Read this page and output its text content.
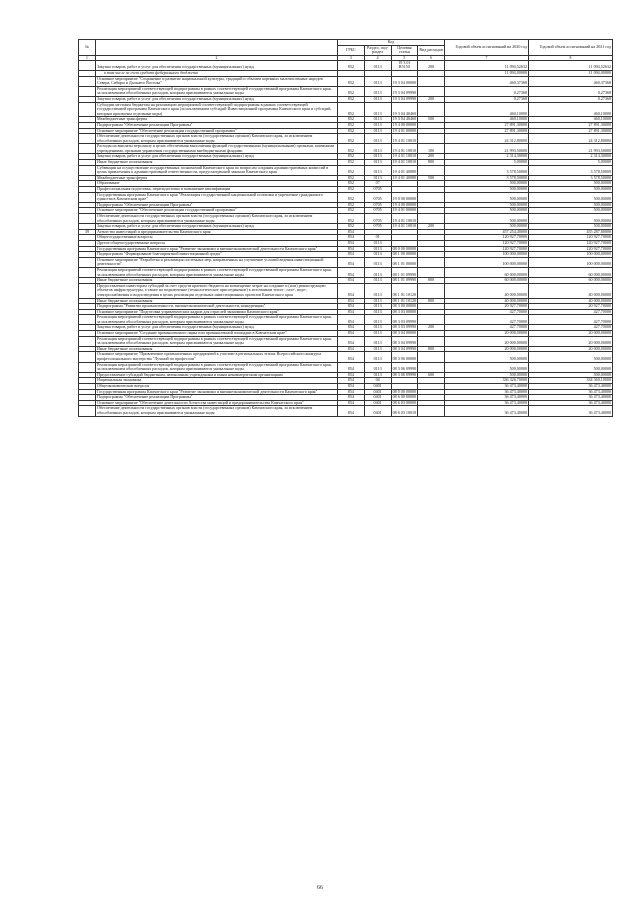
№		Код				Годовой объем ассигнований на 2020 год	Годовой объем ассигнований на 2021 год
		ГРБС	Раздел, под-раздел	Целевая статья	Вид расходов		
1	2	3	4	5	6	7	8
	Закупка товаров, работ и услуг для обеспечения государственных (муниципальных) нужд	852	0113	19 3 01 R5150	200	11 094,52632	11 094,52632
	в том числе за счет средств федерального бюджета					11 094,00000	11 094,00000
	Основное мероприятие "Сохранение и развитие национальной культуры, традиций и обычаев коренных малочисленных народов Севера, Сибири и Дальнего Востока"	852	0113	19 3 04 00000		460,37368	460,37368
	Реализация мероприятий соответствующей подпрограммы в рамках соответствующей государственной программы Камчатского края, за исключением обособленных расходов, которым присваиваются уникальные коды	852	0113	19 3 04 09990		0,27368	0,27368
	Закупка товаров, работ и услуг для обеспечения государственных (муниципальных) нужд	852	0113	19 3 04 09990	200	0,27368	0,27368
	Субсидии местным бюджетам на реализацию мероприятий соответствующей подпрограммы в рамках соответствующей государственной программы Камчатского края (за исключением субсидий Инвестиционной программы Камчатского края и субсидий, которым присвоены отдельные коды)	852	0113	19 3 04 40460		460,10000	460,10000
	Межбюджетные трансферты	852	0113	19 3 04 40460	500	460,10000	460,10000
	Подпрограмма "Обеспечение реализации Программы"	852	0113	19 4 00 00000		27 891,30000	27 891,30000
	Основное мероприятие "Обеспечение реализации государственной программы"	852	0113	19 4 01 00000		27 891,30000	27 891,30000
	Обеспечение деятельности государственных органов власти (государственных органов) Камчатского края, за исключением обособленных расходов, которым присваиваются уникальные коды	852	0113	19 4 01 10010		24 312,80000	24 312,80000
	Расходы на выплаты персоналу в целях обеспечения выполнения функций государственными (муниципальными) органами, казенными учреждениями, органами управления государственными внебюджетными фондами	852	0113	19 4 01 10010	100	21 993,50000	21 993,50000
	Закупка товаров, работ и услуг для обеспечения государственных (муниципальных) нужд	852	0113	19 4 01 10010	200	2 314,30000	2 314,30000
	Иные бюджетные ассигнования	852	0113	19 4 01 10010	800	5,00000	5,00000
	Субвенции на осуществление государственных полномочий Камчатского края по вопросам создания административных комиссий в целях привлечения к административной ответственности, предусмотренной законом Камчатского края	852	0113	19 4 01 40080		3 578,50000	3 578,50000
	Межбюджетные трансферты	852	0113	19 4 01 40080	500	3 578,50000	3 578,50000
	Образование	852	07			500,00000	500,00000
	Профессиональная подготовка, переподготовка и повышение квалификации	852	0705			500,00000	500,00000
	Государственная программа Камчатского края "Реализация государственной национальной политики и укрепление гражданского единства в Камчатском крае"	852	0705	19 0 00 00000		500,00000	500,00000
	Подпрограмма "Обеспечение реализации Программы"	852	0705	19 4 00 00000		500,00000	500,00000
	Основное мероприятие "Обеспечение реализации государственной программы"	852	0705	19 4 01 00000		500,00000	500,00000
	Обеспечение деятельности государственных органов власти (государственных органов) Камчатского края, за исключением обособленных расходов, которым присваиваются уникальные коды	852	0705	19 4 01 10010		500,00000	500,00000
	Закупка товаров, работ и услуг для обеспечения государственных (муниципальных) нужд	852	0705	19 4 01 10010	200	500,00000	500,00000
39	Агентство инвестиций и предпринимательства Камчатского края	854				457 254,40000	455 287,80000
	Общегосударственные вопросы	854	01			120 927,70000	120 927,70000
	Другие общегосударственные вопросы	854	0113			120 927,70000	120 927,70000
	Государственная программа Камчатского края "Развитие экономики и внешнеэкономической деятельности Камчатского края"	854	0113	08 0 00 00000		120 927,70000	120 927,70000
	Подпрограмма "Формирование благоприятной инвестиционной среды"	854	0113	08 1 00 00000		100 000,00000	100 000,00000
	Основное мероприятие "Разработка и реализация системных мер, направленных на улучшение условий ведения инвестиционной деятельности"	854	0113	08 1 01 00000		100 000,00000	100 000,00000
	Реализация мероприятий соответствующей подпрограммы в рамках соответствующей государственной программы Камчатского края, за исключением обособленных расходов, которым присваиваются уникальные коды	854	0113	08 1 01 09990		60 000,00000	60 000,00000
	Иные бюджетные ассигнования	854	0113	08 1 01 09990	800	60 000,00000	60 000,00000
	Предоставление инвесторам субсидий за счет средств краевого бюджета на возмещение затрат на создание и (или) реконструкцию объектов инфраструктуры, а также на подключение (технологическое присоединение) к источникам тепло-, газо-, водо-, электроснабжения и водоотведения в целях реализации отдельных инвестиционных проектов Камчатского края	854	0113	08 1 01 10120		40 000,00000	40 000,00000
	Иные бюджетные ассигнования	854	0113	08 1 01 10120	800	40 000,00000	40 000,00000
	Подпрограмма "Развитие промышленности, внешнеэкономической деятельности, конкуренции"	854	0113	08 3 00 00000		20 927,70000	20 927,70000
	Основное мероприятие "Подготовка управленческих кадров для отраслей экономики Камчатского края"	854	0113	08 3 03 00000		427,70000	427,70000
	Реализация мероприятий соответствующей подпрограммы в рамках соответствующей государственной программы Камчатского края, за исключением обособленных расходов, которым присваиваются уникальные коды	854	0113	08 3 03 09990		427,70000	427,70000
	Закупка товаров, работ и услуг для обеспечения государственных (муниципальных) нужд	854	0113	08 3 03 09990	200	427,70000	427,70000
	Основное мероприятие "Создание промышленного парка или промышленной площадки в Камчатском крае"	854	0113	08 3 04 00000		20 000,00000	20 000,00000
	Реализация мероприятий соответствующей подпрограммы в рамках соответствующей государственной программы Камчатского края, за исключением обособленных расходов, которым присваиваются уникальные коды	854	0113	08 3 04 09990		20 000,00000	20 000,00000
	Иные бюджетные ассигнования	854	0113	08 3 04 09990	800	20 000,00000	20 000,00000
	Основное мероприятие "Привлечение промышленных предприятий к участию в региональных этапах Всероссийского конкурса профессионального мастерства "Лучший по профессии"	854	0113	08 3 06 00000		500,00000	500,00000
	Реализация мероприятий соответствующей подпрограммы в рамках соответствующей государственной программы Камчатского края, за исключением обособленных расходов, которым присваиваются уникальные коды	854	0113	08 3 06 09990		500,00000	500,00000
	Предоставление субсидий бюджетным, автономным учреждениям и иным некоммерческим организациям	854	0113	08 3 06 09990	600	500,00000	500,00000
	Национальная экономика	854	04			336 326,70000	334 360,10000
	Общеэкономические вопросы	854	0401			36 473,40000	36 473,40000
	Государственная программа Камчатского края "Развитие экономики и внешнеэкономической деятельности Камчатского края"	854	0401	08 0 00 00000		36 473,40000	36 473,40000
	Подпрограмма "Обеспечение реализации Программы"	854	0401	08 6 00 00000		36 473,40000	36 473,40000
	Основное мероприятие "Обеспечение деятельности Агентства инвестиций и предпринимательства Камчатского края"	854	0401	08 6 03 00000		36 473,40000	36 473,40000
	Обеспечение деятельности государственных органов власти (государственных органов) Камчатского края, за исключением обособленных расходов, которым присваиваются уникальные коды	854	0401	08 6 03 10010		36 473,40000	36 473,40000
66
